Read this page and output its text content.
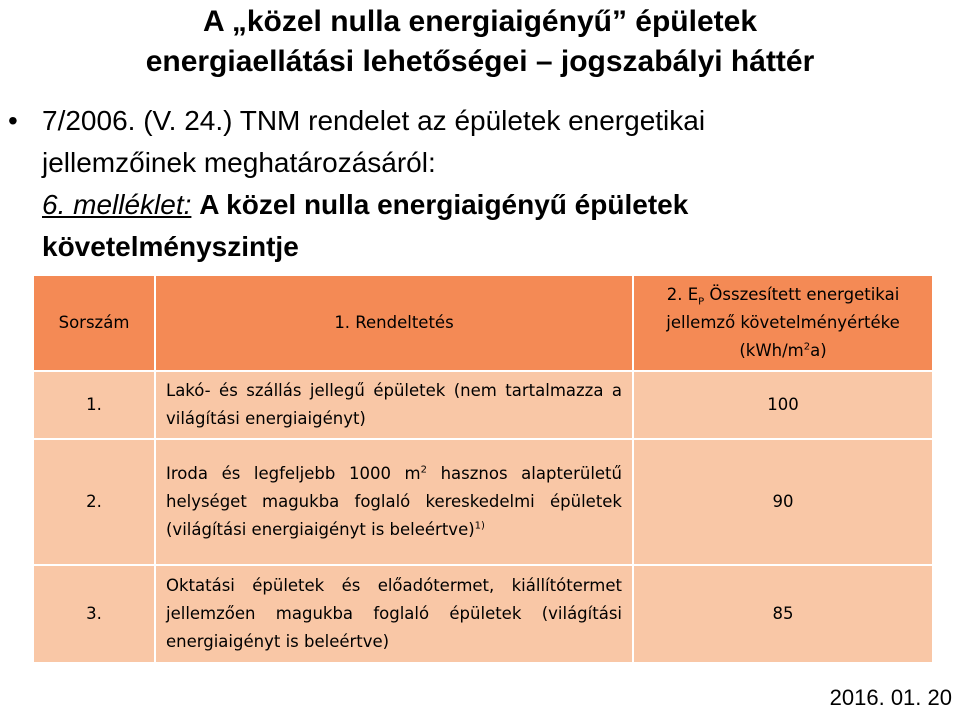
A „közel nulla energiaigényű” épületek
energiaellátási lehetőségei – jogszabályi háttér
• 7/2006. (V. 24.) TNM rendelet az épületek energetikai
jellemzőinek meghatározásáról:
6. melléklet: A közel nulla energiaigényű épületek
követelményszintje
Sorszám	1. Rendeltetés	2. $E_P$ Összesített energetikai jellemző követelményértéke $(kWh/m^2a)$
1.	Lakó- és szállás jellegű épületek (nem tartalmazza a világítási energiaigényt)	100
2.	Iroda és legfeljebb 1000 $m^2$ hasznos alapterületű helységet magukba foglaló kereskedelmi épületek (világítási energiaigényt is beleértve)$^{1)}$	90
3.	Oktatási épületek és előadótermet, kiállítótermet jellemzően magukba foglaló épületek (világítási energiaigényt is beleértve)	85
2016. 01. 20
